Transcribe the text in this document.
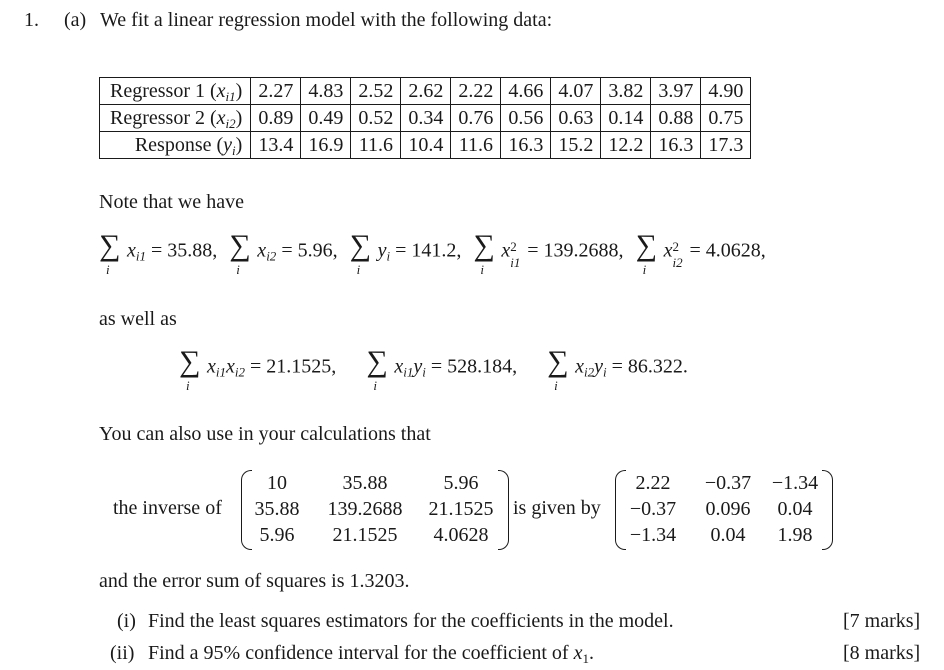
1. (a) We fit a linear regression model with the following data:
Regressor 1 $(x_{i1})$	2.27	4.83	2.52	2.62	2.22	4.66	4.07	3.82	3.97	4.90
Regressor 2 $(x_{i2})$	0.89	0.49	0.52	0.34	0.76	0.56	0.63	0.14	0.88	0.75
Response $(y_i)$	13.4	16.9	11.6	10.4	11.6	16.3	15.2	12.2	16.3	17.3
Note that we have
∑
i
$x_{i1} = 35.88$, ∑
i
$x_{i2} = 5.96$, ∑
i
$y_i = 141.2$, ∑
i
x 2
i1
= 139.2688, ∑
i
x 2
i2
= 4.0628,
as well as
∑
i
$x_{i1}x_{i2} = 21.1525$, ∑
i
$x_{i1}y_i = 528.184$, ∑
i
$x_{i2}y_i = 86.322$.
You can also use in your calculations that
the inverse of
10	35.88	5.96
35.88	139.2688	21.1525
5.96	21.1525	4.0628
is given by
2.22	−0.37	−1.34
−0.37	0.096	0.04
−1.34	0.04	1.98
and the error sum of squares is 1.3203.
(i) Find the least squares estimators for the coefficients in the model.	[7 marks]
(ii) Find a 95% confidence interval for the coefficient of $x_1$.	[8 marks]
